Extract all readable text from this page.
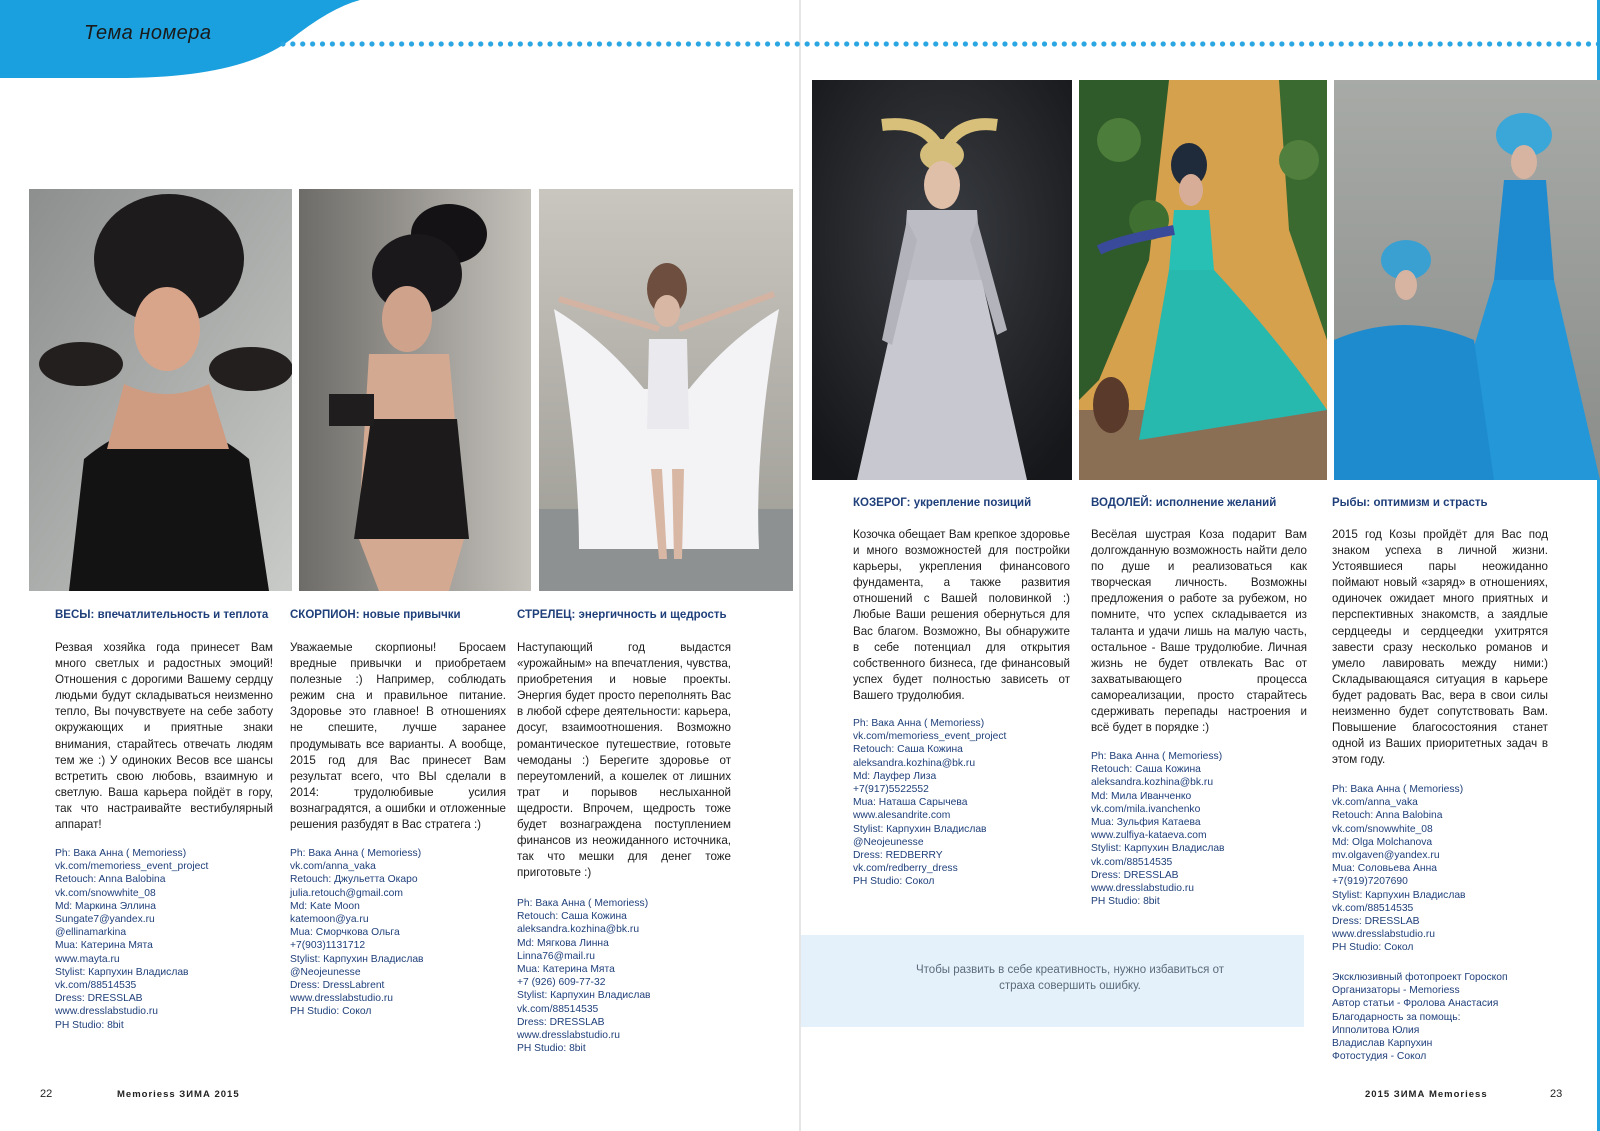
Тема номера
ВЕСЫ: впечатлительность и теплота

Резвая хозяйка года принесет Вам много светлых и радостных эмоций! Отношения с дорогими Вашему сердцу людьми будут складываться неизменно тепло, Вы почувствуете на себе заботу окружающих и приятные знаки внимания, старайтесь отвечать людям тем же :) У одиноких Весов все шансы встретить свою любовь, взаимную и светлую. Ваша карьера пойдёт в гору, так что настраивайте вестибулярный аппарат!

Ph: Вака Анна ( Memoriess)
vk.com/memoriess_event_project
Retouch: Anna Balobina
vk.com/snowwhite_08
Md: Маркина Эллина
Sungate7@yandex.ru
@ellinamarkina
Mua: Катерина Мята
www.mayta.ru
Stylist: Карпухин Владислав
vk.com/88514535
Dress: DRESSLAB
www.dresslabstudio.ru
PH Studio: 8bit
СКОРПИОН: новые привычки

Уважаемые скорпионы! Бросаем вредные привычки и приобретаем полезные :) Например, соблюдать режим сна и правильное питание. Здоровье это главное! В отношениях не спешите, лучше заранее продумывать все варианты. А вообще, 2015 год для Вас принесет Вам результат всего, что ВЫ сделали в 2014: трудолюбивые усилия вознаградятся, а ошибки и отложенные решения разбудят в Вас стратега :)

Ph: Вака Анна ( Memoriess)
vk.com/anna_vaka
Retouch: Джульетта Окаро
julia.retouch@gmail.com
Md: Kate Moon
katemoon@ya.ru
Mua: Сморчкова Ольга
+7(903)1131712
Stylist: Карпухин Владислав
@Neojeunesse
Dress: DressLabrent
www.dresslabstudio.ru
PH Studio: Сокол
СТРЕЛЕЦ: энергичность и щедрость

Наступающий год выдастся «урожайным» на впечатления, чувства, приобретения и новые проекты. Энергия будет просто переполнять Вас в любой сфере деятельности: карьера, досуг, взаимоотношения. Возможно романтическое путешествие, готовьте чемоданы :) Берегите здоровье от переутомлений, а кошелек от лишних трат и порывов неслыханной щедрости. Впрочем, щедрость тоже будет вознаграждена поступлением финансов из неожиданного источника, так что мешки для денег тоже приготовьте :)

Ph: Вака Анна ( Memoriess)
Retouch: Саша Кожина
aleksandra.kozhina@bk.ru
Md: Мягкова Линна
Linna76@mail.ru
Mua: Катерина Мята
+7 (926) 609-77-32
Stylist: Карпухин Владислав
vk.com/88514535
Dress: DRESSLAB
www.dresslabstudio.ru
PH Studio: 8bit
КОЗЕРОГ: укрепление позиций

Козочка обещает Вам крепкое здоровье и много возможностей для постройки карьеры, укрепления финансового фундамента, а также развития отношений с Вашей половинкой :) Любые Ваши решения обернуться для Вас благом. Возможно, Вы обнаружите в себе потенциал для открытия собственного бизнеса, где финансовый успех будет полностью зависеть от Вашего трудолюбия.

Ph: Вака Анна ( Memoriess)
vk.com/memoriess_event_project
Retouch: Саша Кожина
aleksandra.kozhina@bk.ru
Md: Лауфер Лиза
+7(917)5522552
Mua: Наташа Сарычева
www.alesandrite.com
Stylist: Карпухин Владислав
@Neojeunesse
Dress: REDBERRY
vk.com/redberry_dress
PH Studio: Сокол
ВОДОЛЕЙ: исполнение желаний

Весёлая шустрая Коза подарит Вам долгожданную возможность найти дело по душе и реализоваться как творческая личность. Возможны предложения о работе за рубежом, но помните, что успех складывается из таланта и удачи лишь на малую часть, остальное - Ваше трудолюбие. Личная жизнь не будет отвлекать Вас от захватывающего процесса самореализации, просто старайтесь сдерживать перепады настроения и всё будет в порядке :)

Ph: Вака Анна ( Memoriess)
Retouch: Саша Кожина
aleksandra.kozhina@bk.ru
Md: Мила Иванченко
vk.com/mila.ivanchenko
Mua: Зульфия Катаева
www.zulfiya-kataeva.com
Stylist: Карпухин Владислав
vk.com/88514535
Dress: DRESSLAB
www.dresslabstudio.ru
PH Studio: 8bit
Рыбы: оптимизм и страсть

2015 год Козы пройдёт для Вас под знаком успеха в личной жизни. Устоявшиеся пары неожиданно поймают новый «заряд» в отношениях, одиночек ожидает много приятных и перспективных знакомств, а заядлые сердцееды и сердцеедки ухитрятся завести сразу несколько романов и умело лавировать между ними:) Складывающаяся ситуация в карьере будет радовать Вас, вера в свои силы неизменно будет сопутствовать Вам. Повышение благосостояния станет одной из Ваших приоритетных задач в этом году.

Ph: Вака Анна ( Memoriess)
vk.com/anna_vaka
Retouch: Anna Balobina
vk.com/snowwhite_08
Md: Olga Molchanova
mv.olgaven@yandex.ru
Mua: Соловьева Анна
+7(919)7207690
Stylist: Карпухин Владислав
vk.com/88514535
Dress: DRESSLAB
www.dresslabstudio.ru
PH Studio: Сокол
Эксклюзивный фотопроект Гороскоп
Организаторы - Memoriess
Автор статьи - Фролова Анастасия
Благодарность за помощь:
Ипполитова Юлия
Владислав Карпухин
Фотостудия - Сокол
Чтобы развить в себе креативность, нужно избавиться от страха совершить ошибку.
22	Memoriess ЗИМА 2015	2015 ЗИМА Memoriess	23
